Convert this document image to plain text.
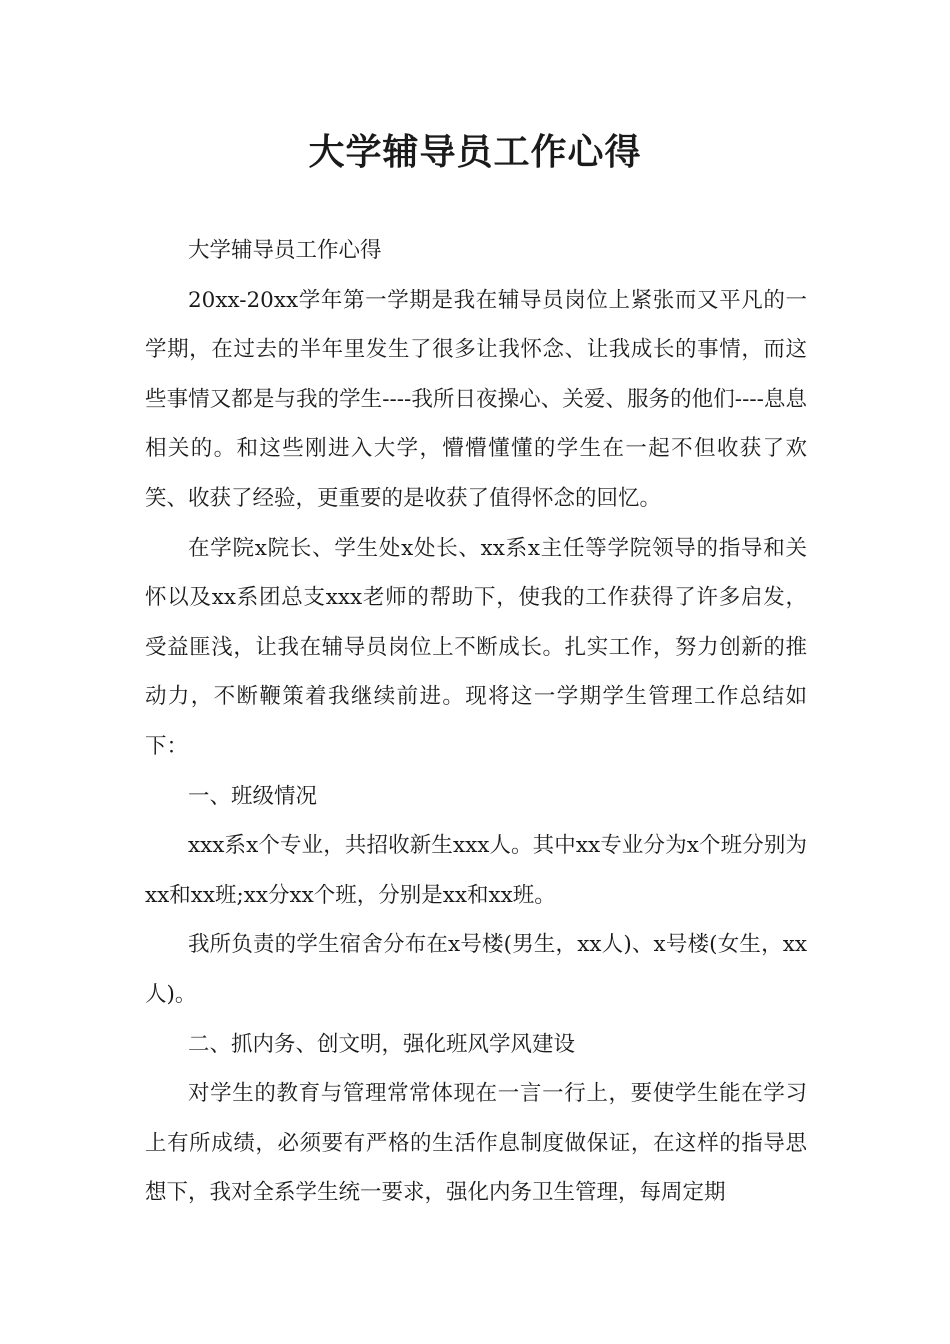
大学辅导员工作心得

大学辅导员工作心得

20xx-20xx学年第一学期是我在辅导员岗位上紧张而又平凡的一学期，在过去的半年里发生了很多让我怀念、让我成长的事情，而这些事情又都是与我的学生----我所日夜操心、关爱、服务的他们----息息相关的。和这些刚进入大学，懵懵懂懂的学生在一起不但收获了欢笑、收获了经验，更重要的是收获了值得怀念的回忆。

在学院x院长、学生处x处长、xx系x主任等学院领导的指导和关怀以及xx系团总支xxx老师的帮助下，使我的工作获得了许多启发，受益匪浅，让我在辅导员岗位上不断成长。扎实工作，努力创新的推动力，不断鞭策着我继续前进。现将这一学期学生管理工作总结如下：

一、班级情况

xxx系x个专业，共招收新生xxx人。其中xx专业分为x个班分别为xx和xx班;xx分xx个班，分别是xx和xx班。

我所负责的学生宿舍分布在x号楼(男生，xx人)、x号楼(女生，xx人)。

二、抓内务、创文明，强化班风学风建设

对学生的教育与管理常常体现在一言一行上，要使学生能在学习上有所成绩，必须要有严格的生活作息制度做保证，在这样的指导思想下，我对全系学生统一要求，强化内务卫生管理，每周定期
